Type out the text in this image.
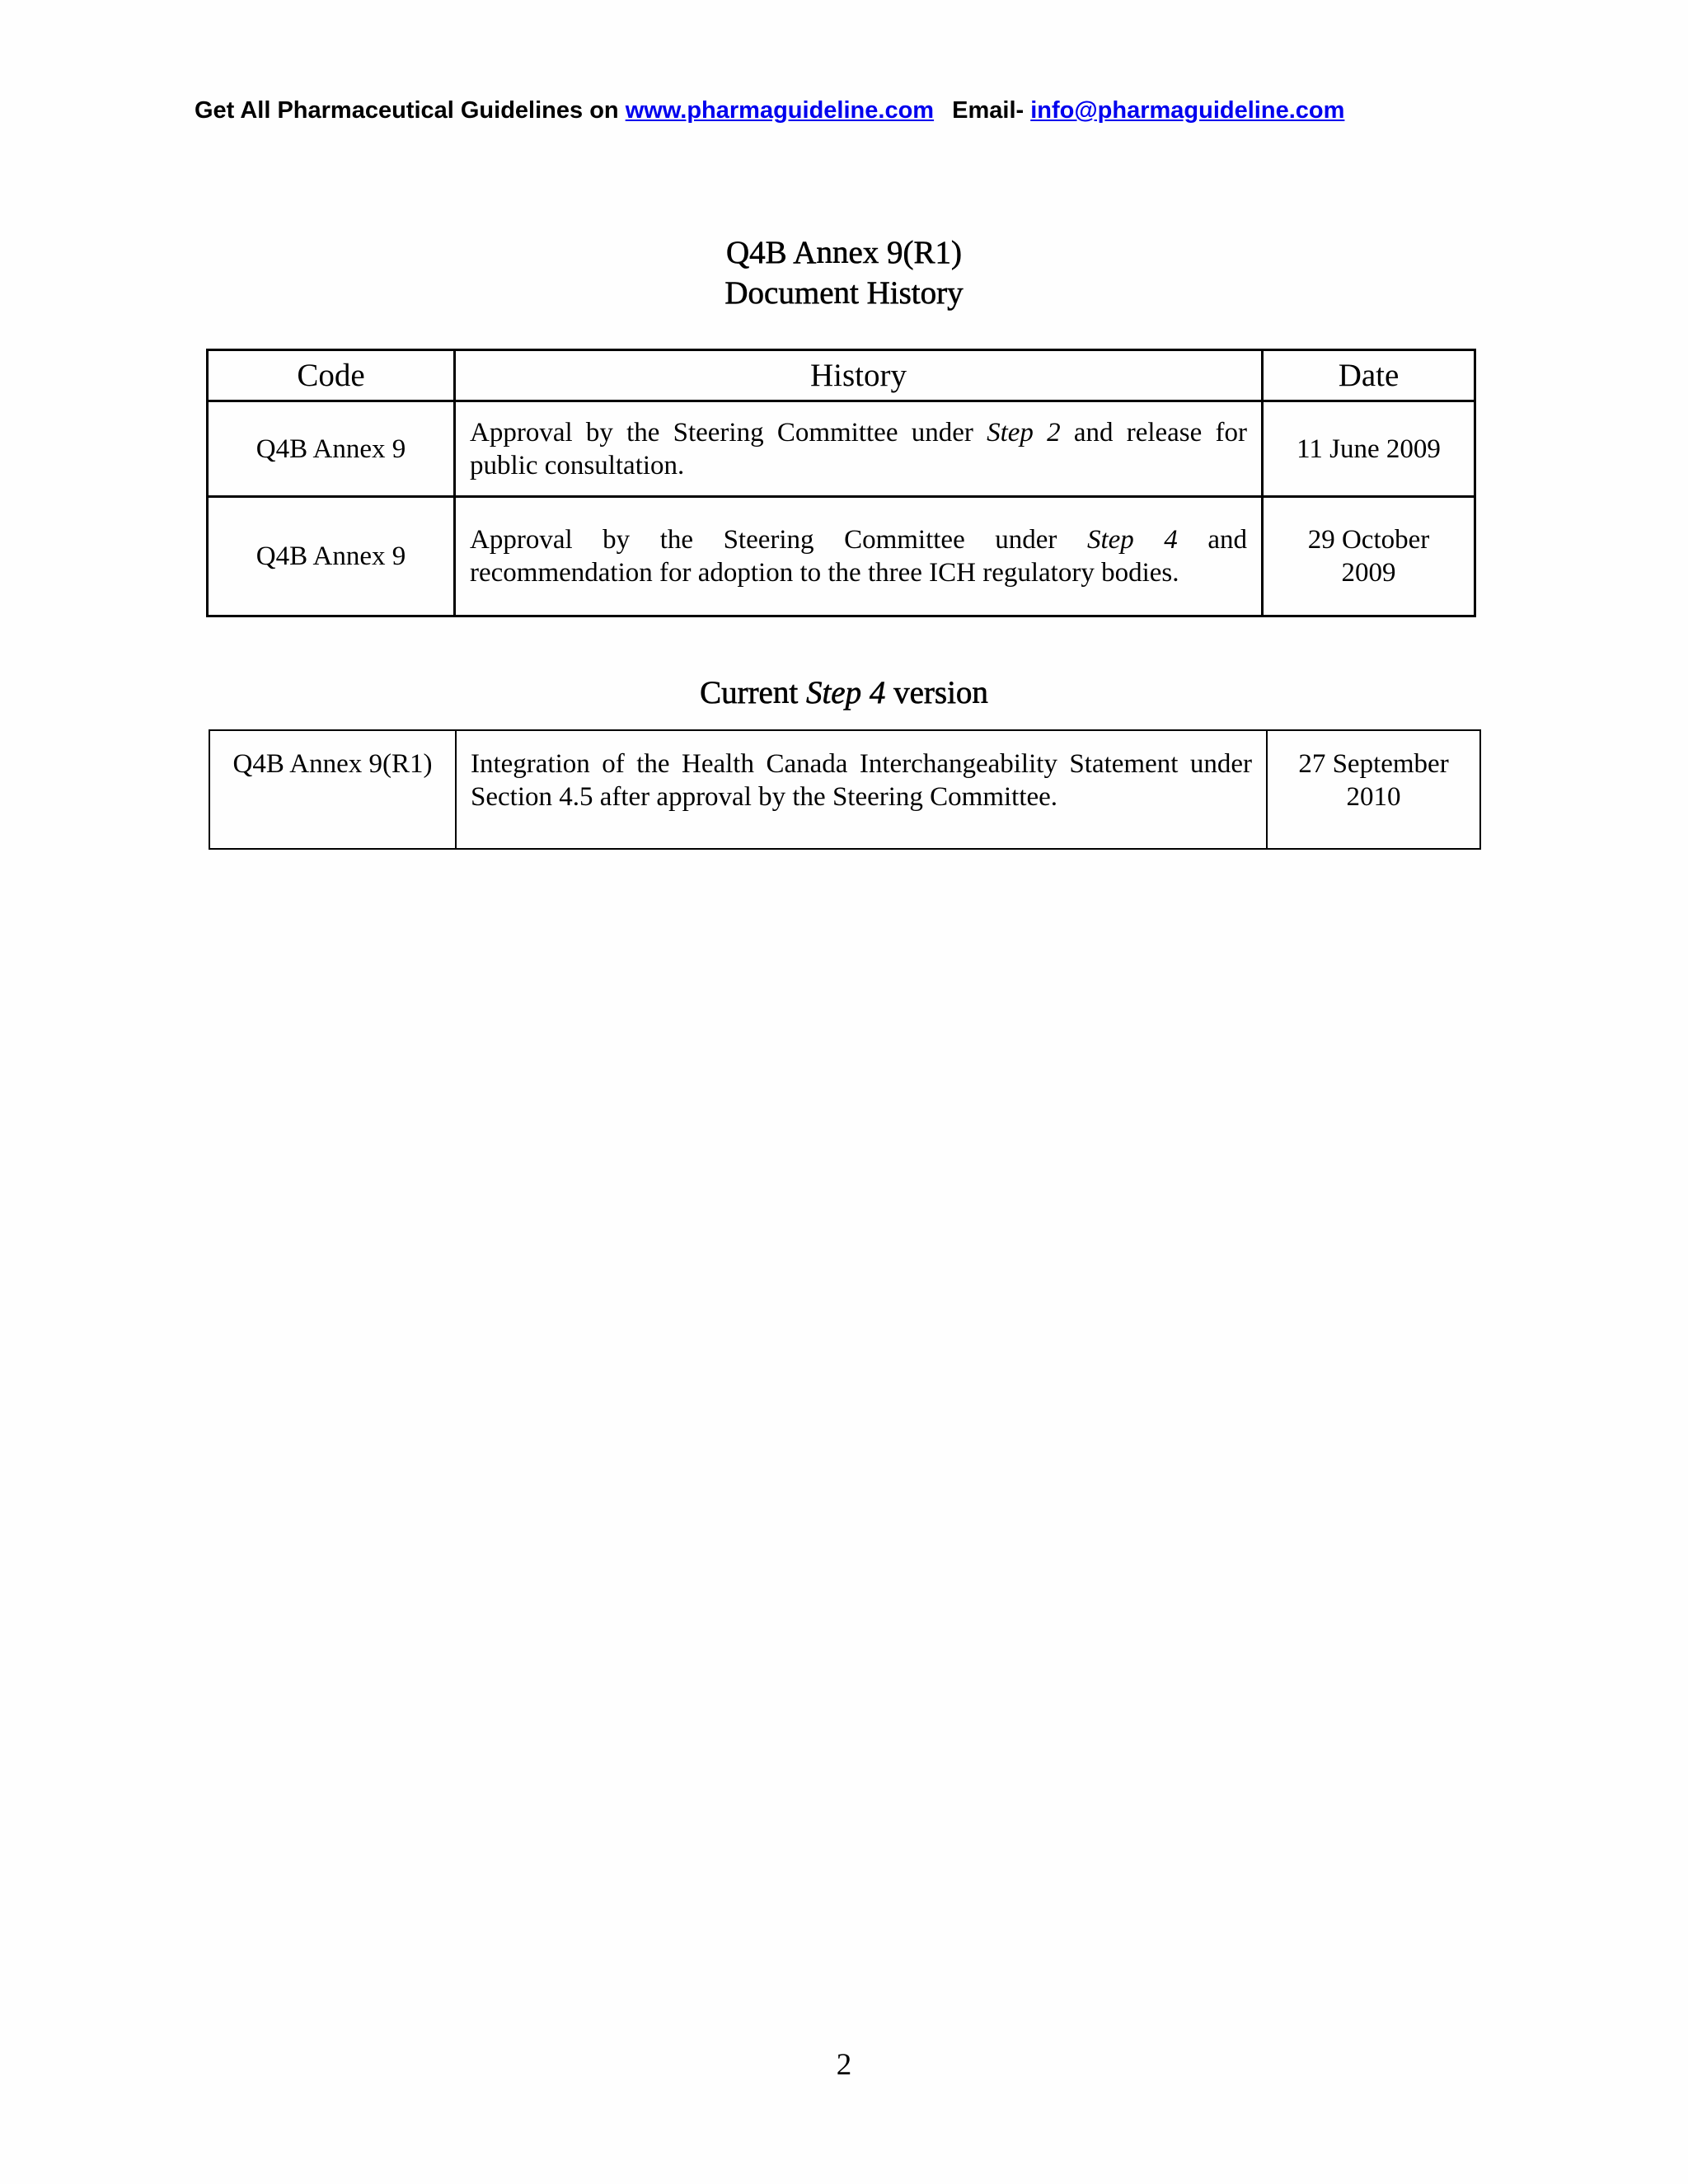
Get All Pharmaceutical Guidelines on www.pharmaguideline.com Email- info@pharmaguideline.com
Q4B Annex 9(R1)
Document History
Code	History	Date
Q4B Annex 9	Approval by the Steering Committee under Step 2 and release for public consultation.	11 June 2009
Q4B Annex 9	Approval by the Steering Committee under Step 4 and recommendation for adoption to the three ICH regulatory bodies.	29 October 2009
Current Step 4 version
Q4B Annex 9(R1)	Integration of the Health Canada Interchangeability Statement under Section 4.5 after approval by the Steering Committee.	27 September 2010
2
